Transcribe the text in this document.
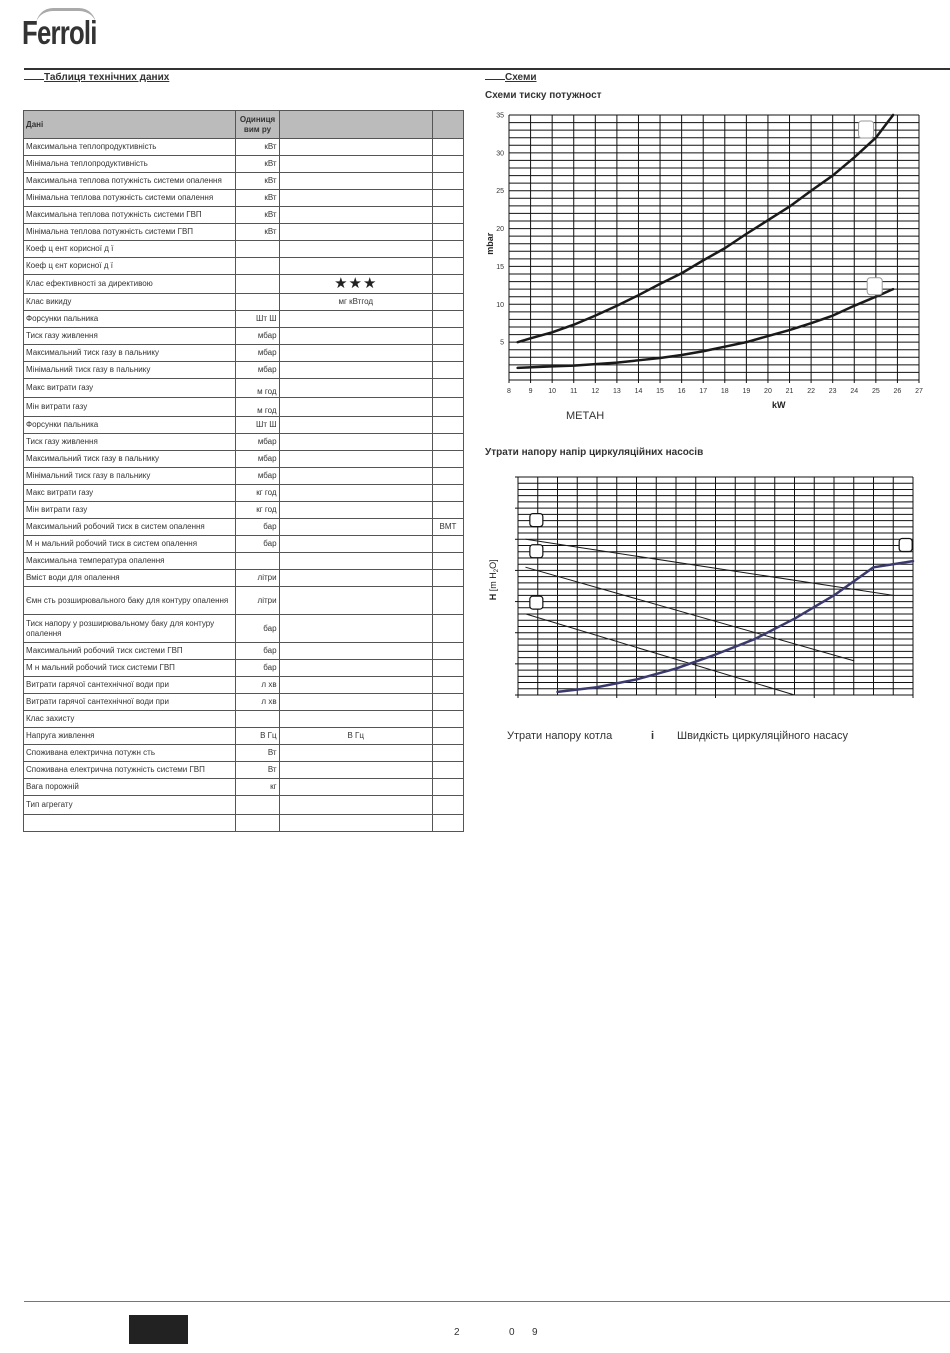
Ferroli
Таблиця технічних даних
Дані	Одиниця вим ру		
Максимальна теплопродуктивність	кВт		
Мінімальна теплопродуктивність	кВт		
Максимальна теплова потужність системи опалення	кВт		
Мінімальна теплова потужність системи опалення	кВт		
Максимальна теплова потужність системи ГВП	кВт		
Мінімальна теплова потужність системи ГВП	кВт		
Коеф ц ент корисної д ї			
Коеф ц єнт корисної д ї			
Клас ефективності за директивою		★★★	
Клас викиду		мг кВтгод	
Форсунки пальника	Шт Ш		
Тиск газу живлення	мбар		
Максимальний тиск газу в пальнику	мбар		
Мінімальний тиск газу в пальнику	мбар		
Макс витрати газу	м год		
Мін витрати газу	м год		
Форсунки пальника	Шт Ш		
Тиск газу живлення	мбар		
Максимальний тиск газу в пальнику	мбар		
Мінімальний тиск газу в пальнику	мбар		
Макс витрати газу	кг год		
Мін витрати газу	кг год		
Максимальний робочий тиск в систем опалення	бар		ВМТ
М н мальний робочий тиск в систем опалення	бар		
Максимальна температура опалення			
Вміст води для опалення	літри		
Ємн сть розширювального баку для контуру опалення	літри		
Тиск напору у розширювальному баку для контуру опалення	бар		
Максимальний робочий тиск системи ГВП	бар		
М н мальний робочий тиск системи ГВП	бар		
Витрати гарячої сантехнічної води при	л хв		
Витрати гарячої сантехнічної води при	л хв		
Клас захисту			
Напруга живлення	В Гц	В Гц	
Споживана електрична потужн сть	Вт		
Споживана електрична потужність системи ГВП	Вт		
Вага порожній	кг		
Тип агрегату			

Схеми
Схеми тиску потужност
8	9 10 11 12 13 14 15 16 17 18 19 20 21 22 23 24 25 26 27
5
10
15
20
25
30
35
kW
mbar
МЕТАН
Утрати напору напір циркуляційних насосів
H [m $H_2O$]
Утрати напору котла	і Швидкість циркуляційного насасу
2	0 9
